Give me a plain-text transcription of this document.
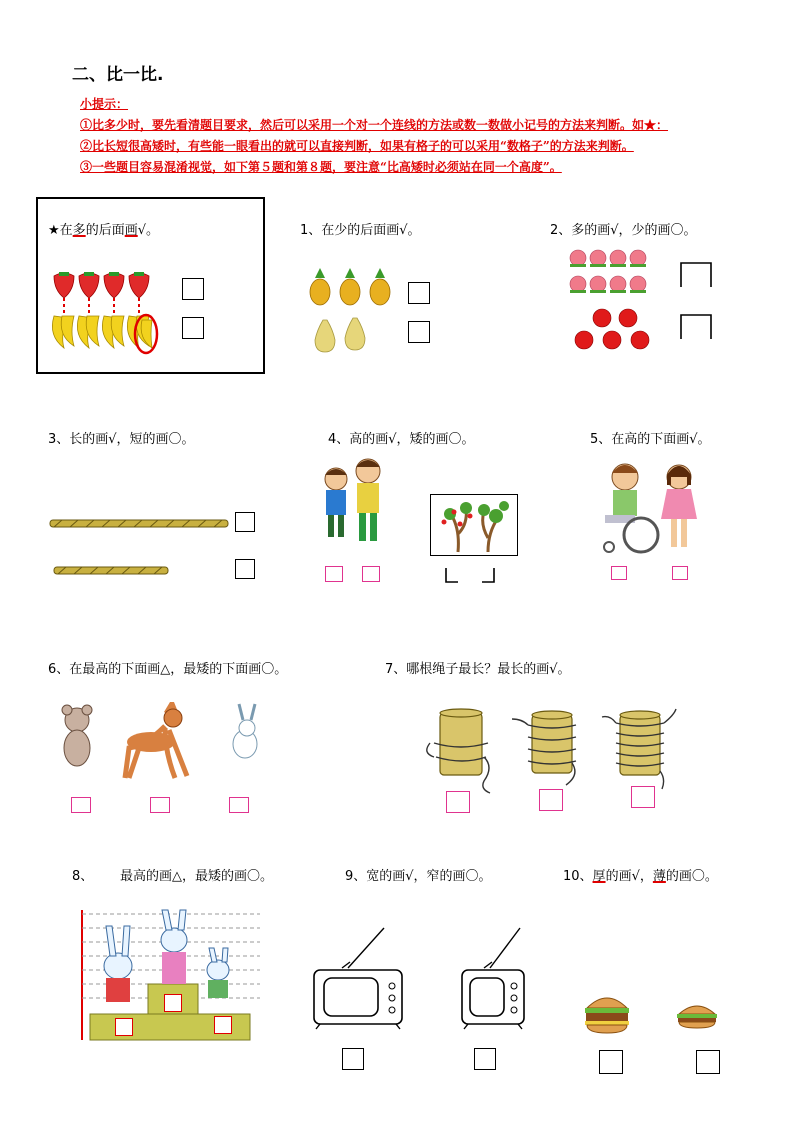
二、比一比.
小提示：
①比多少时，要先看清题目要求，然后可以采用一个对一个连线的方法或数一数做小记号的方法来判断。如★：
②比长短很高矮时，有些能一眼看出的就可以直接判断，如果有格子的可以采用“数格子”的方法来判断。
③一些题目容易混淆视觉，如下第５题和第８题，要注意“比高矮时必须站在同一个高度”。
★在多的后面画√。	1、在少的后面画√。	2、多的画√，少的画〇。
3、长的画√，短的画〇。	4、高的画√，矮的画〇。	5、在高的下面画√。
6、在最高的下面画△，最矮的下面画〇。	7、哪根绳子最长？最长的画√。
8、 最高的画△，最矮的画〇。	9、宽的画√，窄的画〇。	10、厚的画√，薄的画〇。
